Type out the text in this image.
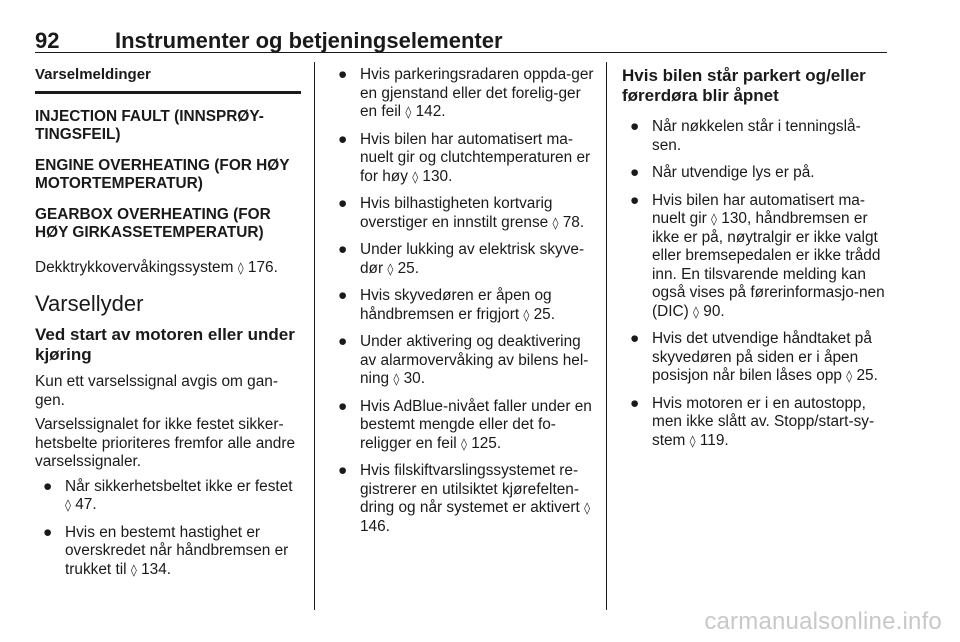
92	Instrumenter og betjeningselementer
Varselmeldinger

INJECTION FAULT (INNSPRØY-TINGSFEIL)

ENGINE OVERHEATING (FOR HØY MOTORTEMPERATUR)

GEARBOX OVERHEATING (FOR HØY GIRKASSETEMPERATUR)

Dekktrykkovervåkingssystem ◊ 176.

Varsellyder
Ved start av motoren eller under kjøring

Kun ett varselssignal avgis om gan-gen.

Varselssignalet for ikke festet sikker-hetsbelte prioriteres fremfor alle andre varselssignaler.

● Når sikkerhetsbeltet ikke er festet ◊ 47.
● Hvis en bestemt hastighet er overskredet når håndbremsen er trukket til ◊ 134.
● Hvis parkeringsradaren oppda-ger en gjenstand eller det forelig-ger en feil ◊ 142.
● Hvis bilen har automatisert ma-nuelt gir og clutchtemperaturen er for høy ◊ 130.
● Hvis bilhastigheten kortvarig overstiger en innstilt grense ◊ 78.
● Under lukking av elektrisk skyve-dør ◊ 25.
● Hvis skyvedøren er åpen og håndbremsen er frigjort ◊ 25.
● Under aktivering og deaktivering av alarmovervåking av bilens hel-ning ◊ 30.
● Hvis AdBlue-nivået faller under en bestemt mengde eller det fo-religger en feil ◊ 125.
● Hvis filskiftvarslingssystemet re-gistrerer en utilsiktet kjørefelten-dring og når systemet er aktivert ◊ 146.
Hvis bilen står parkert og/eller førerdøra blir åpnet
● Når nøkkelen står i tenningslå-sen.
● Når utvendige lys er på.
● Hvis bilen har automatisert ma-nuelt gir ◊ 130, håndbremsen er ikke er på, nøytralgir er ikke valgt eller bremsepedalen er ikke trådd inn. En tilsvarende melding kan også vises på førerinformasjo-nen (DIC) ◊ 90.
● Hvis det utvendige håndtaket på skyvedøren på siden er i åpen posisjon når bilen låses opp ◊ 25.
● Hvis motoren er i en autostopp, men ikke slått av. Stopp/start-sy-stem ◊ 119.
carmanualsonline.info
